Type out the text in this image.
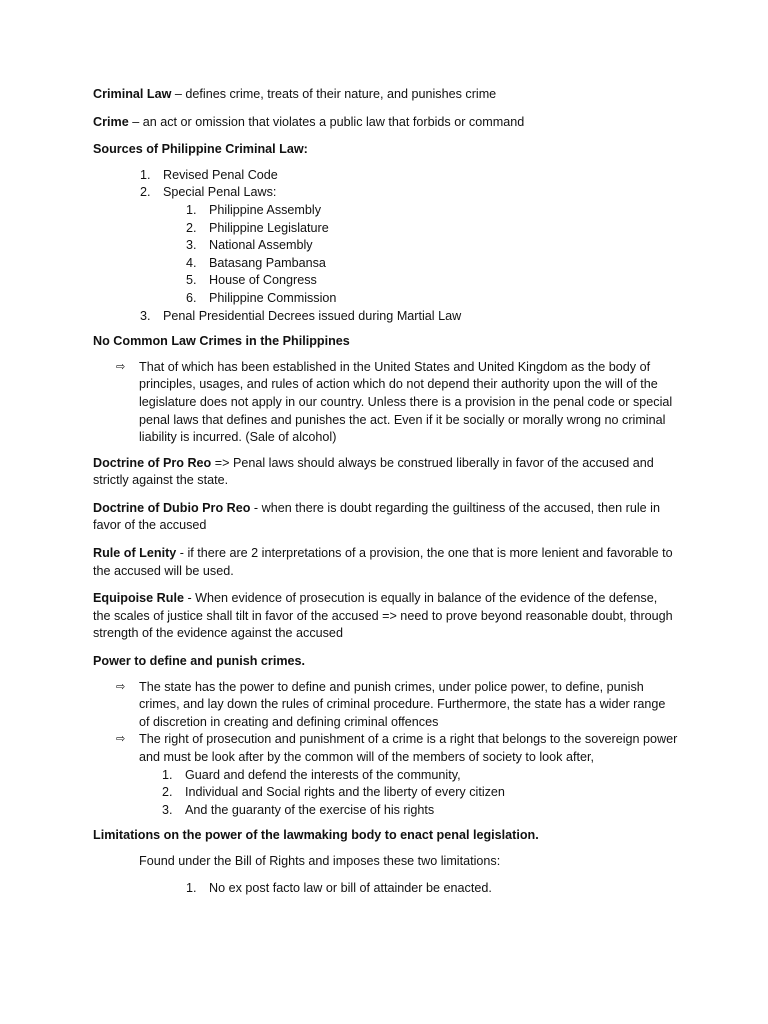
Criminal Law – defines crime, treats of their nature, and punishes crime

Crime – an act or omission that violates a public law that forbids or command

Sources of Philippine Criminal Law:
1. Revised Penal Code
2. Special Penal Laws:
1. Philippine Assembly
2. Philippine Legislature
3. National Assembly
4. Batasang Pambansa
5. House of Congress
6. Philippine Commission
3. Penal Presidential Decrees issued during Martial Law
No Common Law Crimes in the Philippines
⇨ That of which has been established in the United States and United Kingdom as the body of principles, usages, and rules of action which do not depend their authority upon the will of the legislature does not apply in our country. Unless there is a provision in the penal code or special penal laws that defines and punishes the act. Even if it be socially or morally wrong no criminal liability is incurred. (Sale of alcohol)

Doctrine of Pro Reo => Penal laws should always be construed liberally in favor of the accused and strictly against the state.

Doctrine of Dubio Pro Reo - when there is doubt regarding the guiltiness of the accused, then rule in favor of the accused

Rule of Lenity - if there are 2 interpretations of a provision, the one that is more lenient and favorable to the accused will be used.

Equipoise Rule - When evidence of prosecution is equally in balance of the evidence of the defense, the scales of justice shall tilt in favor of the accused => need to prove beyond reasonable doubt, through strength of the evidence against the accused

Power to define and punish crimes.
⇨ The state has the power to define and punish crimes, under police power, to define, punish crimes, and lay down the rules of criminal procedure. Furthermore, the state has a wider range of discretion in creating and defining criminal offences
⇨ The right of prosecution and punishment of a crime is a right that belongs to the sovereign power and must be look after by the common will of the members of society to look after,
1. Guard and defend the interests of the community,
2. Individual and Social rights and the liberty of every citizen
3. And the guaranty of the exercise of his rights
Limitations on the power of the lawmaking body to enact penal legislation.
Found under the Bill of Rights and imposes these two limitations:
1. No ex post facto law or bill of attainder be enacted.
